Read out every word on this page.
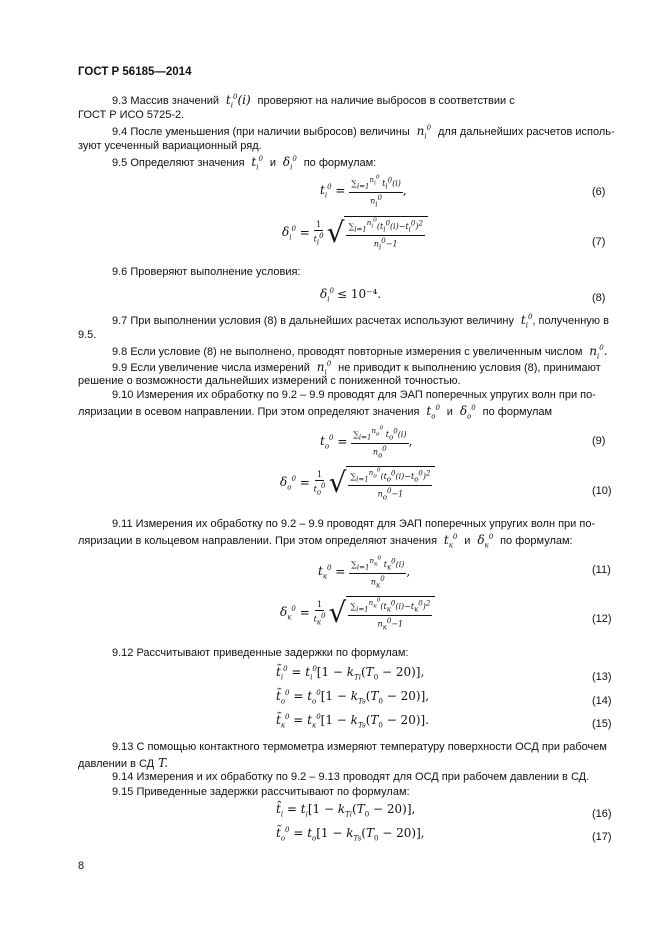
ГОСТ Р 56185—2014
9.3 Массив значений  $t_i^0(i)$  проверяют на наличие выбросов в соответствии с
ГОСТ Р ИСО 5725-2.
9.4 После уменьшения (при наличии выбросов) величины  $n_i^0$ для дальнейших расчетов исполь-
зуют усеченный вариационный ряд.
9.5 Определяют значения  $t_i^0$ и  $\delta_i^0$ по формулам:
$t_i^0 = \frac{\sum_{i=1}^{n_i^0} t_i^0(i)}{n_i^0}$ ,	(6)
$\delta_i^0 = \frac{1}{t_i^0}$
√ $\frac{\sum_{i=1}^{n_i^0}(t_i^0(i)-t_i^0)^2}{n_i^0-1}$	(7)
9.6 Проверяют выполнение условия:
$\delta_i^0 \le 10^{-4}$.	(8)
9.7 При выполнении условия (8) в дальнейших расчетах используют величину  $t_i^0$, полученную в
9.5.
9.8 Если условие (8) не выполнено, проводят повторные измерения с увеличенным числом  $n_i^0$.
9.9 Если увеличение числа измерений  $n_i^0$ не приводит к выполнению условия (8), принимают
решение о возможности дальнейших измерений с пониженной точностью.
9.10 Измерения их обработку по 9.2 – 9.9 проводят для ЭАП поперечных упругих волн при по-
ляризации в осевом направлении. При этом определяют значения  $t_o^0$ и  $\delta_o^0$ по формулам
$t_o^0 = \frac{\sum_{i=1}^{n_o^0} t_o^0(i)}{n_o^0}$ ,	(9)
$\delta_o^0 = \frac{1}{t_o^0}$
√ $\frac{\sum_{i=1}^{n_o^0}(t_o^0(i)-t_o^0)^2}{n_o^0-1}$	(10)
9.11 Измерения их обработку по 9.2 – 9.9 проводят для ЭАП поперечных упругих волн при по-
ляризации в кольцевом направлении. При этом определяют значения  $t_к^0$ и  $\delta_к^0$ по формулам:
$t_к^0 = \frac{\sum_{i=1}^{n_к^0} t_к^0(i)}{n_к^0}$ ,	(11)
$\delta_к^0 = \frac{1}{t_к^0}$
√ $\frac{\sum_{i=1}^{n_к^0}(t_к^0(i)-t_к^0)^2}{n_к^0-1}$	(12)
9.12 Рассчитывают приведенные задержки по формулам:
$t̃_i^0 = t_i^0[1 - k_{Ti}(T_0 - 20)]$,	(13)
$t̃_o^0 = t_o^0[1 - k_{Ts}(T_0 - 20)]$,	(14)
$t̃_к^0 = t_к^0[1 - k_{Ts}(T_0 - 20)]$.	(15)
9.13 С помощью контактного термометра измеряют температуру поверхности ОСД при рабочем
давлении в СД T.
9.14 Измерения и их обработку по 9.2 – 9.13 проводят для ОСД при рабочем давлении в СД.
9.15 Приведенные задержки рассчитывают по формулам:
$t̂_i = t_i[1 - k_{Ti}(T_0 - 20)]$,	(16)
$t̃_o^0 = t_o[1 - k_{Ts}(T_0 - 20)]$,	(17)
8
